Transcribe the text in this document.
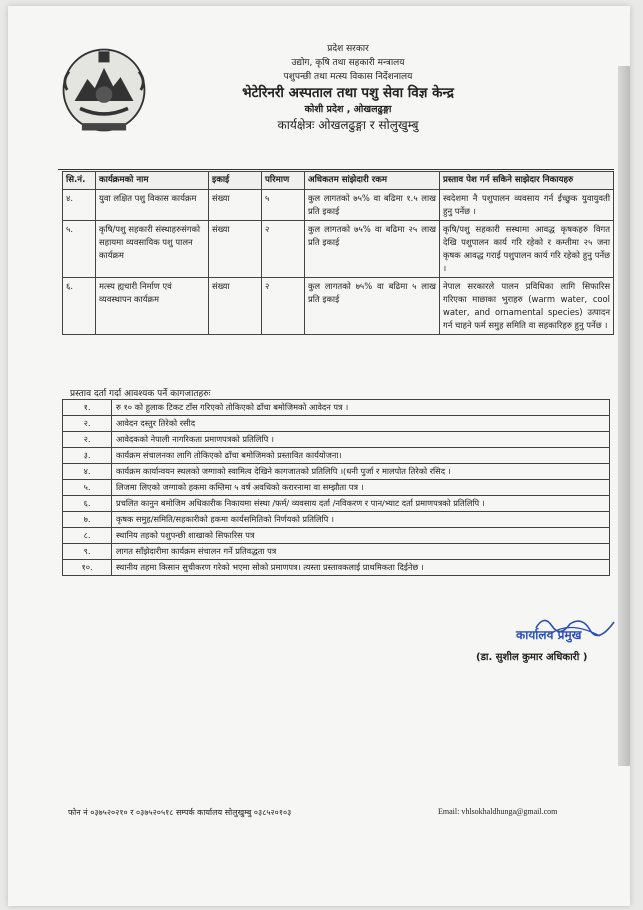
प्रदेश सरकार
उद्योग, कृषि तथा सहकारी मन्त्रालय
पशुपन्छी तथा मत्स्य विकास निर्देशनालय
भेटेरिनरी अस्पताल तथा पशु सेवा विज्ञ केन्द्र
कोशी प्रदेश , ओखलढुङ्गा
कार्यक्षेत्रः ओखलढुङ्गा र सोलुखुम्बु
सि.नं.	कार्यक्रमको नाम	इकाई	परिमाण	अधिकतम सांझेदारी रकम	प्रस्ताव पेश गर्न सकिने साझेदार निकायहरु
४.	युवा लक्षित पशु विकास कार्यक्रम	संख्या	५	कुल लागतको ७५% वा बढिमा १.५ लाख प्रति इकाई	स्वदेशमा नै पशुपालन व्यवसाय गर्न ईच्छुक युवायुवती हुनु पर्नेछ ।
५.	कृषि/पशु सहकारी संस्थाहरुसंगको सहायमा व्यवसायिक पशु पालन कार्यक्रम	संख्या	२	कुल लागतको ७५% वा बढिमा २५ लाख प्रति इकाई	कृषि/पशु सहकारी सस्थामा आवद्ध कृषकहरु विगत देखि पशुपालन कार्य गरि रहेको र कम्तीमा २५ जना कृषक आवद्ध गराई पशुपालन कार्य गरि रहेको हुनु पर्नेछ ।
६.	मत्स्य ह्यचारी निर्माण एवं व्यवस्थापन कार्यक्रम	संख्या	२	कुल लागतको ७५% वा बढिमा ५ लाख प्रति इकाई	नेपाल सरकारले पालन प्रविधिका लागि सिफारिस गरिएका माछाका भुराहरु (warm water, cool water, and ornamental species) उत्पादन गर्न चाहने फर्म समुह समिति वा सहकारिहरु हुनु पर्नेछ ।
प्रस्ताव दर्ता गर्दा आवश्यक पर्ने कागजातहरुः
१.	रु १० को हुलाक टिकट टाँस गरिएको तोकिएको ढाँचा बमोजिमको आवेदन पत्र ।
२.	आवेदन दस्तुर तिरेको रसीद
२.	आवेदकको नेपाली नागरिकता प्रमाणपत्रको प्रतिलिपि ।
३.	कार्यक्रम संचालनका लागि तोकिएको ढाँचा बमोजिमको प्रस्तावित कार्ययोजना।
४.	कार्यक्रम कार्यान्वयन स्थलको जग्गाको स्वामित्व देखिने कागजातको प्रतिलिपि ।(धनी पुर्जा र मालपोत तिरेको रसिद ।
५.	लिजमा लिएको जग्गाको हकमा कम्तिमा ५ वर्ष अवधिको करारनामा वा सम्झौता पत्र ।
६.	प्रचलित कानुन बमोजिम अधिकारीक निकायमा संस्था /फर्म/ व्यवसाय दर्ता /नविकरण र पान/भ्याट दर्ता प्रमाणपत्रको प्रतिलिपि ।
७.	कृषक समुह/समिति/सहकारीको हकमा कार्यसमितिको निर्णयको प्रतिलिपि ।
८.	स्थानिय तहको पशुपन्छी शाखाको सिफारिस पत्र
९.	लागत साँझेदारीमा कार्यक्रम संचालन गर्ने प्रतिवद्धता पत्र
१०.	स्थानीय तहमा किसान सुचीकरण गरेको भएमा सोको प्रमाणपत्र। त्यस्ता प्रस्तावकलाई प्राथमिकता दिईनेछ ।
कार्यालय प्रमुख
(डा. सुशील कुमार अधिकारी )
फोन नं ०३७५२०२१० र ०३७५२०५१८ सम्पर्क कार्यालय सोलुखुम्बु ०३८५२०१०३	Email: vhlsokhaldhunga@gmail.com
